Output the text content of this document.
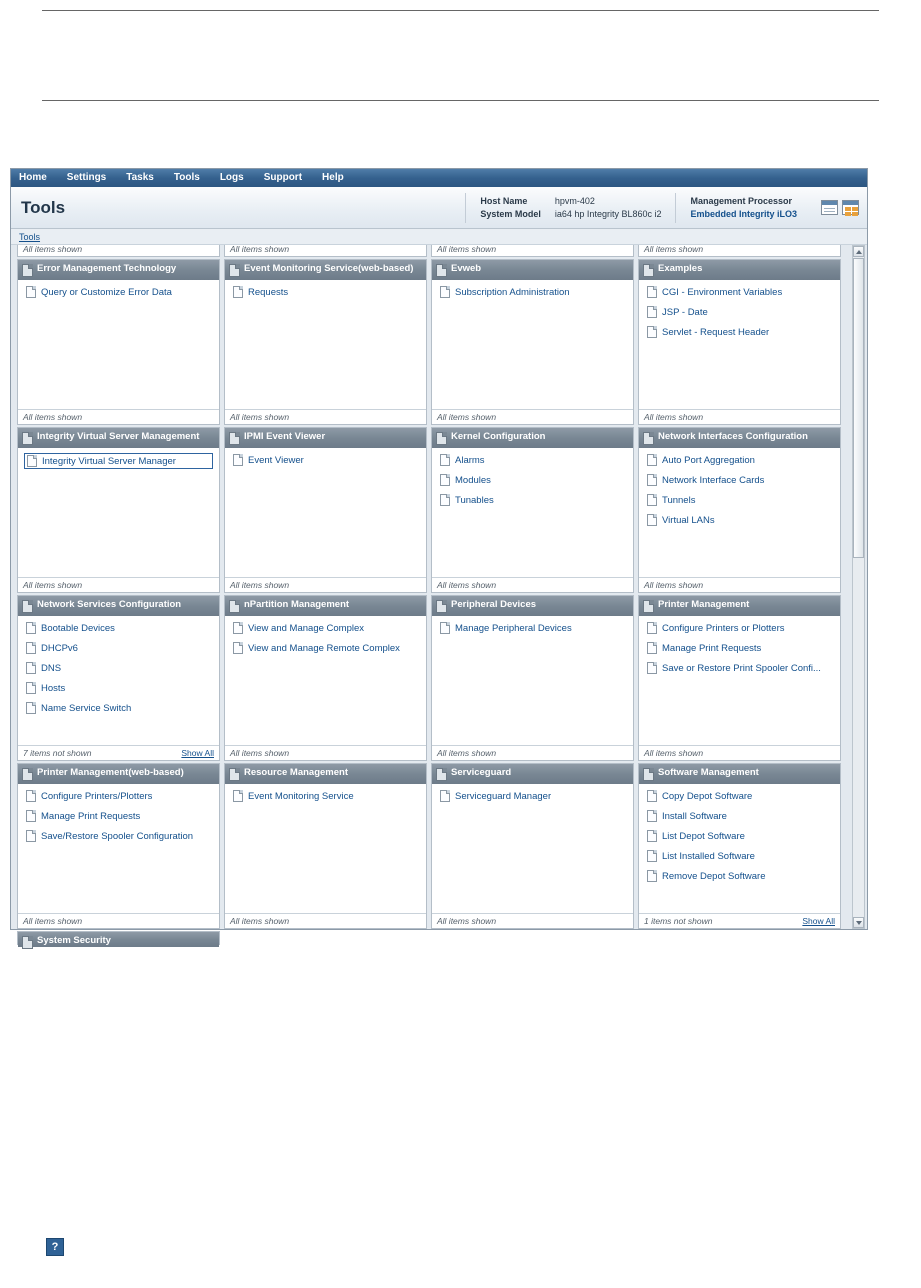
Home	Settings	Tasks	Tools	Logs	Support	Help
Tools	Host Name
System Model
hpvm-402
ia64 hp Integrity BL860c i2
Management Processor
Embedded Integrity iLO3
Tools
All items shown	All items shown	All items shown	All items shown
Error Management Technology
Query or Customize Error Data
All items shown
Event Monitoring Service(web-based)
Requests
All items shown
Evweb
Subscription Administration
All items shown
Examples
CGI - Environment Variables
JSP - Date
Servlet - Request Header
All items shown
Integrity Virtual Server Management
Integrity Virtual Server Manager
All items shown
IPMI Event Viewer
Event Viewer
All items shown
Kernel Configuration
Alarms
Modules
Tunables
All items shown
Network Interfaces Configuration
Auto Port Aggregation
Network Interface Cards
Tunnels
Virtual LANs
All items shown
Network Services Configuration
Bootable Devices
DHCPv6
DNS
Hosts
Name Service Switch
7 items not shown	Show All
nPartition Management
View and Manage Complex
View and Manage Remote Complex
All items shown
Peripheral Devices
Manage Peripheral Devices
All items shown
Printer Management
Configure Printers or Plotters
Manage Print Requests
Save or Restore Print Spooler Confi...
All items shown
Printer Management(web-based)
Configure Printers/Plotters
Manage Print Requests
Save/Restore Spooler Configuration
All items shown
Resource Management
Event Monitoring Service
All items shown
Serviceguard
Serviceguard Manager
All items shown
Software Management
Copy Depot Software
Install Software
List Depot Software
List Installed Software
Remove Depot Software
1 items not shown	Show All
System Security
?
